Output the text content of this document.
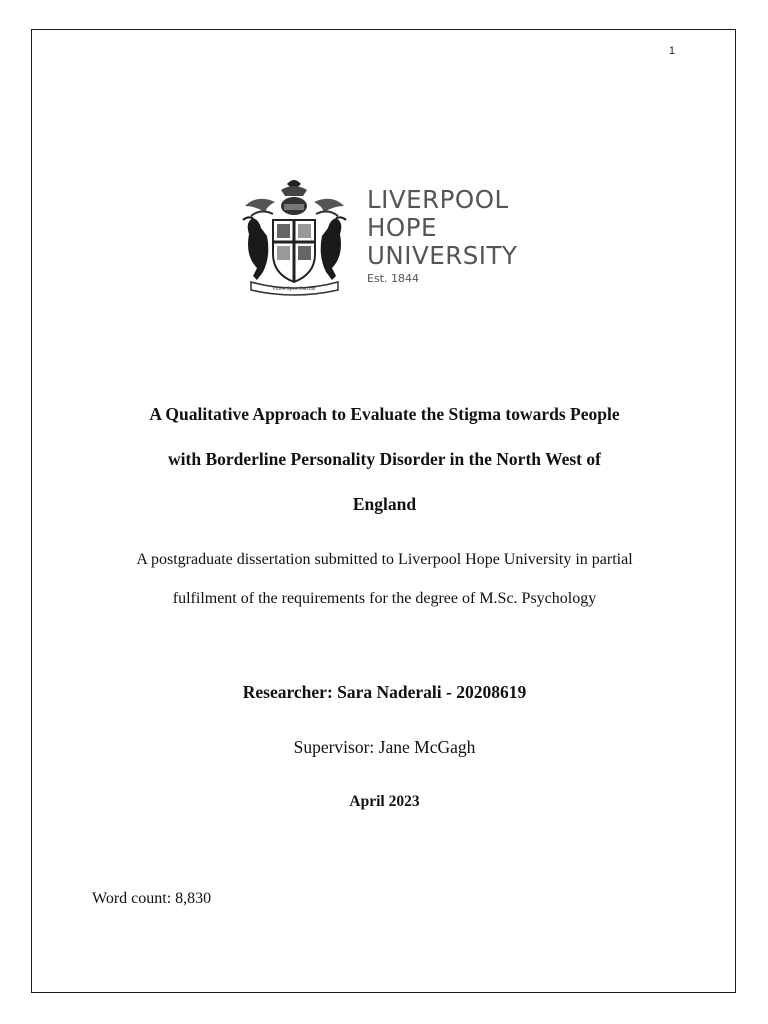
1
Fides Spes Caritas
LIVERPOOL
HOPE
UNIVERSITY
Est. 1844
A Qualitative Approach to Evaluate the Stigma towards People
with Borderline Personality Disorder in the North West of
England
A postgraduate dissertation submitted to Liverpool Hope University in partial
fulfilment of the requirements for the degree of M.Sc. Psychology
Researcher: Sara Naderali - 20208619
Supervisor: Jane McGagh
April 2023
Word count: 8,830
